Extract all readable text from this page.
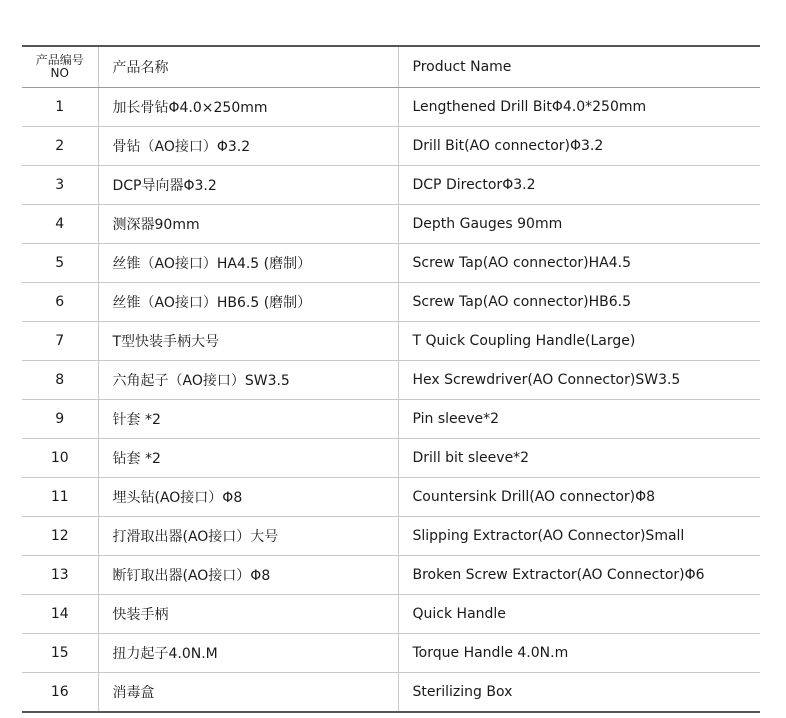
产品编号
NO	产品名称	Product Name
1	加长骨钻Φ4.0×250mm	Lengthened Drill BitΦ4.0*250mm
2	骨钻（AO接口）Φ3.2	Drill Bit(AO connector)Φ3.2
3	DCP导向器Φ3.2	DCP DirectorΦ3.2
4	测深器90mm	Depth Gauges 90mm
5	丝锥（AO接口）HA4.5 (磨制）	Screw Tap(AO connector)HA4.5
6	丝锥（AO接口）HB6.5 (磨制）	Screw Tap(AO connector)HB6.5
7	T型快装手柄大号	T Quick Coupling Handle(Large)
8	六角起子（AO接口）SW3.5	Hex Screwdriver(AO Connector)SW3.5
9	针套 *2	Pin sleeve*2
10	钻套 *2	Drill bit sleeve*2
11	埋头钻(AO接口）Φ8	Countersink Drill(AO connector)Φ8
12	打滑取出器(AO接口）大号	Slipping Extractor(AO Connector)Small
13	断钉取出器(AO接口）Φ8	Broken Screw Extractor(AO Connector)Φ6
14	快装手柄	Quick Handle
15	扭力起子4.0N.M	Torque Handle 4.0N.m
16	消毒盒	Sterilizing Box
